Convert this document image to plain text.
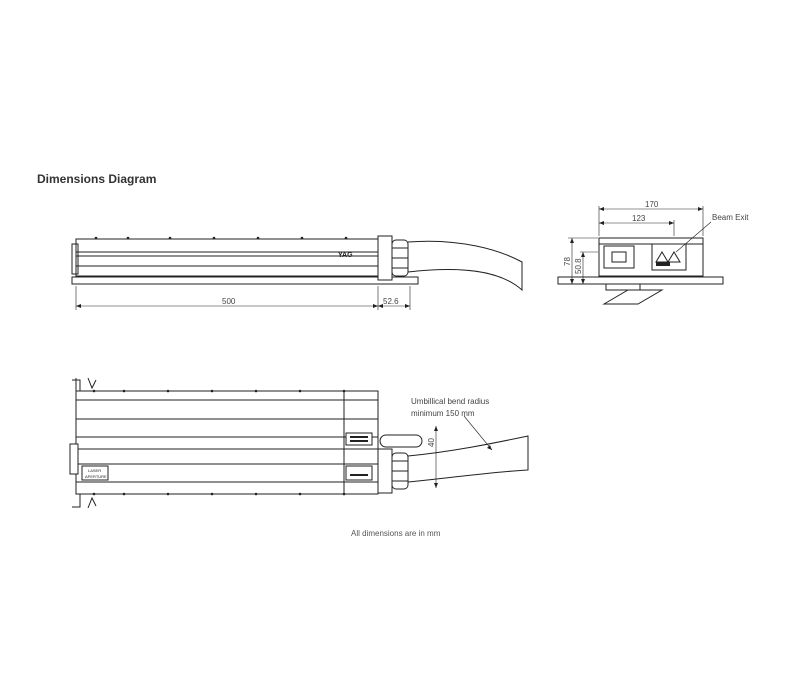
Dimensions Diagram
500	52.6
170
123
78 50.8
40
Beam Exit
Umbillical bend radius
minimum 150 mm
YAG
LASER
APERTURE
All dimensions are in mm
